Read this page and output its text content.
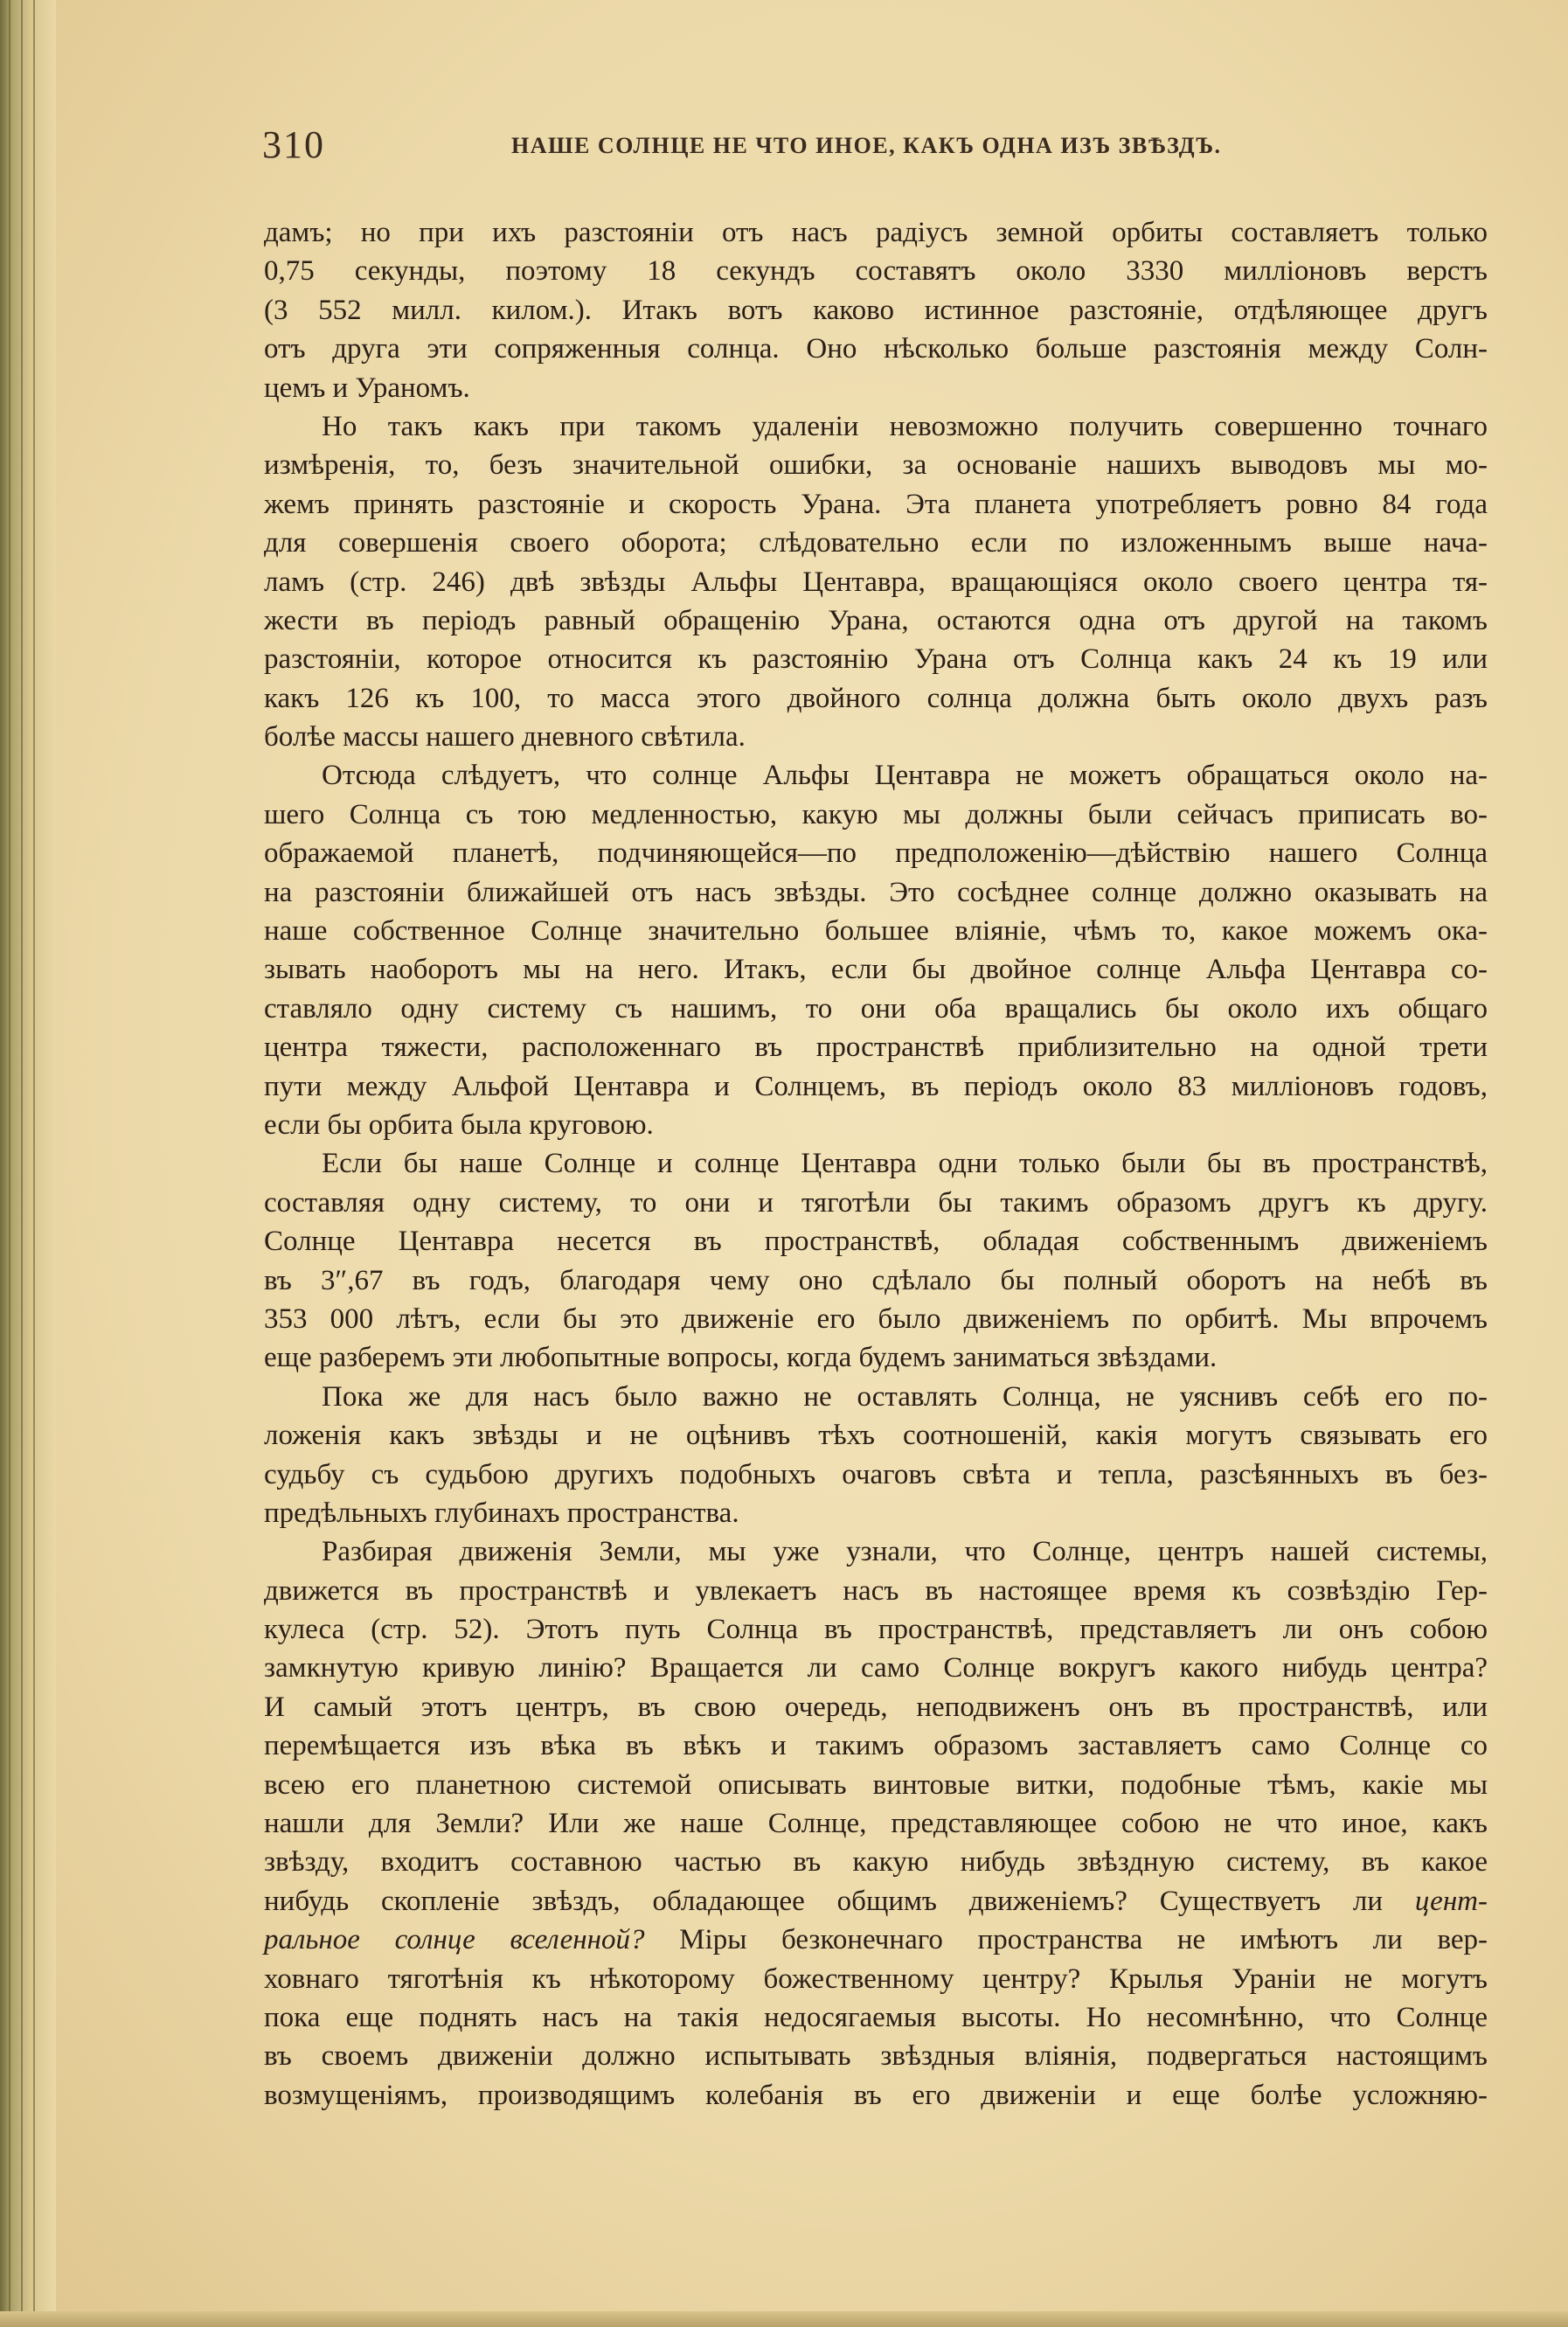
310	НАШЕ СОЛНЦЕ НЕ ЧТО ИНОЕ, КАКЪ ОДНА ИЗЪ ЗВѢЗДЪ.
дамъ; но при ихъ разстояніи отъ насъ радіусъ земной орбиты составляетъ только
0,75 секунды, поэтому 18 секундъ составятъ около 3330 милліоновъ верстъ
(3 552 милл. килом.). Итакъ вотъ каково истинное разстояніе, отдѣляющее другъ
отъ друга эти сопряженныя солнца. Оно нѣсколько больше разстоянія между Солн-
цемъ и Ураномъ.
Но такъ какъ при такомъ удаленіи невозможно получить совершенно точнаго
измѣренія, то, безъ значительной ошибки, за основаніе нашихъ выводовъ мы мо-
жемъ принять разстояніе и скорость Урана. Эта планета употребляетъ ровно 84 года
для совершенія своего оборота; слѣдовательно если по изложеннымъ выше нача-
ламъ (стр. 246) двѣ звѣзды Альфы Центавра, вращающіяся около своего центра тя-
жести въ періодъ равный обращенію Урана, остаются одна отъ другой на такомъ
разстояніи, которое относится къ разстоянію Урана отъ Солнца какъ 24 къ 19 или
какъ 126 къ 100, то масса этого двойного солнца должна быть около двухъ разъ
болѣе массы нашего дневного свѣтила.
Отсюда слѣдуетъ, что солнце Альфы Центавра не можетъ обращаться около на-
шего Солнца съ тою медленностью, какую мы должны были сейчасъ приписать во-
ображаемой планетѣ, подчиняющейся—по предположенію—дѣйствію нашего Солнца
на разстояніи ближайшей отъ насъ звѣзды. Это сосѣднее солнце должно оказывать на
наше собственное Солнце значительно большее вліяніе, чѣмъ то, какое можемъ ока-
зывать наоборотъ мы на него. Итакъ, если бы двойное солнце Альфа Центавра со-
ставляло одну систему съ нашимъ, то они оба вращались бы около ихъ общаго
центра тяжести, расположеннаго въ пространствѣ приблизительно на одной трети
пути между Альфой Центавра и Солнцемъ, въ періодъ около 83 милліоновъ годовъ,
если бы орбита была круговою.
Если бы наше Солнце и солнце Центавра одни только были бы въ пространствѣ,
составляя одну систему, то они и тяготѣли бы такимъ образомъ другъ къ другу.
Солнце Центавра несется въ пространствѣ, обладая собственнымъ движеніемъ
въ 3″,67 въ годъ, благодаря чему оно сдѣлало бы полный оборотъ на небѣ въ
353 000 лѣтъ, если бы это движеніе его было движеніемъ по орбитѣ. Мы впрочемъ
еще разберемъ эти любопытные вопросы, когда будемъ заниматься звѣздами.
Пока же для насъ было важно не оставлять Солнца, не уяснивъ себѣ его по-
ложенія какъ звѣзды и не оцѣнивъ тѣхъ соотношеній, какія могутъ связывать его
судьбу съ судьбою другихъ подобныхъ очаговъ свѣта и тепла, разсѣянныхъ въ без-
предѣльныхъ глубинахъ пространства.
Разбирая движенія Земли, мы уже узнали, что Солнце, центръ нашей системы,
движется въ пространствѣ и увлекаетъ насъ въ настоящее время къ созвѣздію Гер-
кулеса (стр. 52). Этотъ путь Солнца въ пространствѣ, представляетъ ли онъ собою
замкнутую кривую линію? Вращается ли само Солнце вокругъ какого нибудь центра?
И самый этотъ центръ, въ свою очередь, неподвиженъ онъ въ пространствѣ, или
перемѣщается изъ вѣка въ вѣкъ и такимъ образомъ заставляетъ само Солнце со
всею его планетною системой описывать винтовые витки, подобные тѣмъ, какіе мы
нашли для Земли? Или же наше Солнце, представляющее собою не что иное, какъ
звѣзду, входитъ составною частью въ какую нибудь звѣздную систему, въ какое
нибудь скопленіе звѣздъ, обладающее общимъ движеніемъ? Существуетъ ли цент-
ральное солнце вселенной? Міры безконечнаго пространства не имѣютъ ли вер-
ховнаго тяготѣнія къ нѣкоторому божественному центру? Крылья Ураніи не могутъ
пока еще поднять насъ на такія недосягаемыя высоты. Но несомнѣнно, что Солнце
въ своемъ движеніи должно испытывать звѣздныя вліянія, подвергаться настоящимъ
возмущеніямъ, производящимъ колебанія въ его движеніи и еще болѣе усложняю-
